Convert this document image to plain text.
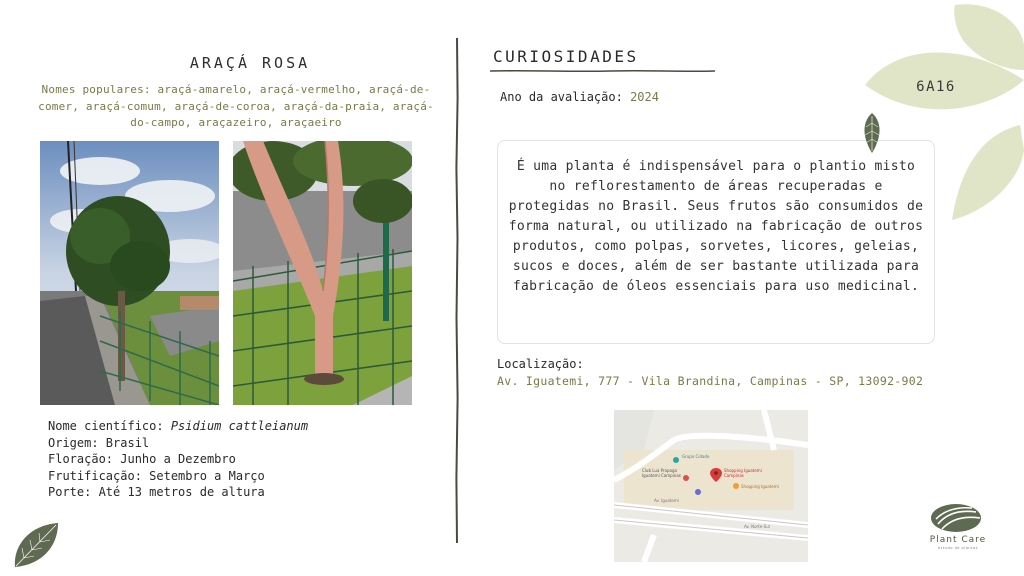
ARAÇÁ ROSA
Nomes populares: araçá-amarelo, araçá-vermelho, araçá-de-comer, araçá-comum, araçá-de-coroa, araçá-da-praia, araçá-do-campo, araçazeiro, araçaeiro
Nome científico: Psidium cattleianum
Origem: Brasil
Floração: Junho a Dezembro
Frutificação: Setembro a Março
Porte: Até 13 metros de altura
CURIOSIDADES
Ano da avaliação: 2024
É uma planta é indispensável para o plantio misto no reflorestamento de áreas recuperadas e protegidas no Brasil. Seus frutos são consumidos de forma natural, ou utilizado na fabricação de outros produtos, como polpas, sorvetes, licores, geleias, sucos e doces, além de ser bastante utilizada para fabricação de óleos essenciais para uso medicinal.
Localização:
Av. Iguatemi, 777 - Vila Brandina, Campinas - SP, 13092-902
Grupo Cidade
Club Lua Propaga
Iguatemi Campinas
Shopping Iguatemi
Campinas
Shopping Iguatemi
Av. Iguatemi
Av. Norte-Sul
6A16
Plant Care
estudo de plantas
